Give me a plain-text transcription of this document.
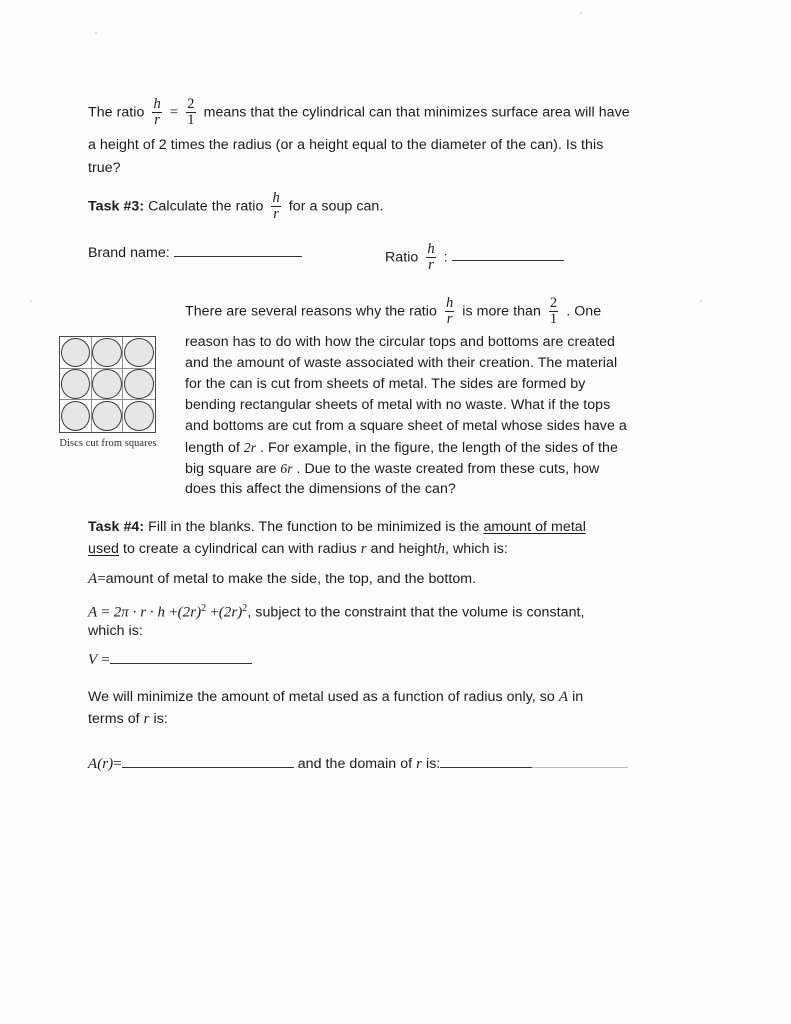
The ratio $\frac{h}{r} = \frac{2}{1}$ means that the cylindrical can that minimizes surface area will have
a height of 2 times the radius (or a height equal to the diameter of the can). Is this
true?
Task #3: Calculate the ratio $\frac{h}{r}$ for a soup can.
Brand name:	Ratio $\frac{h}{r}$ :
Discs cut from squares
There are several reasons why the ratio $\frac{h}{r}$ is more than $\frac{2}{1}$ . One
reason has to do with how the circular tops and bottoms are created
and the amount of waste associated with their creation. The material
for the can is cut from sheets of metal. The sides are formed by
bending rectangular sheets of metal with no waste. What if the tops
and bottoms are cut from a square sheet of metal whose sides have a
length of 2r . For example, in the figure, the length of the sides of the
big square are 6r . Due to the waste created from these cuts, how
does this affect the dimensions of the can?
Task #4: Fill in the blanks. The function to be minimized is the amount of metal
used to create a cylindrical can with radius r and heighth, which is:
A=amount of metal to make the side, the top, and the bottom.
$A = 2\pi \cdot r \cdot h +(2r)^2 +(2r)^2$, subject to the constraint that the volume is constant,
which is:
V =
We will minimize the amount of metal used as a function of radius only, so A in
terms of r is:
A(r)=	and the domain of r is:
